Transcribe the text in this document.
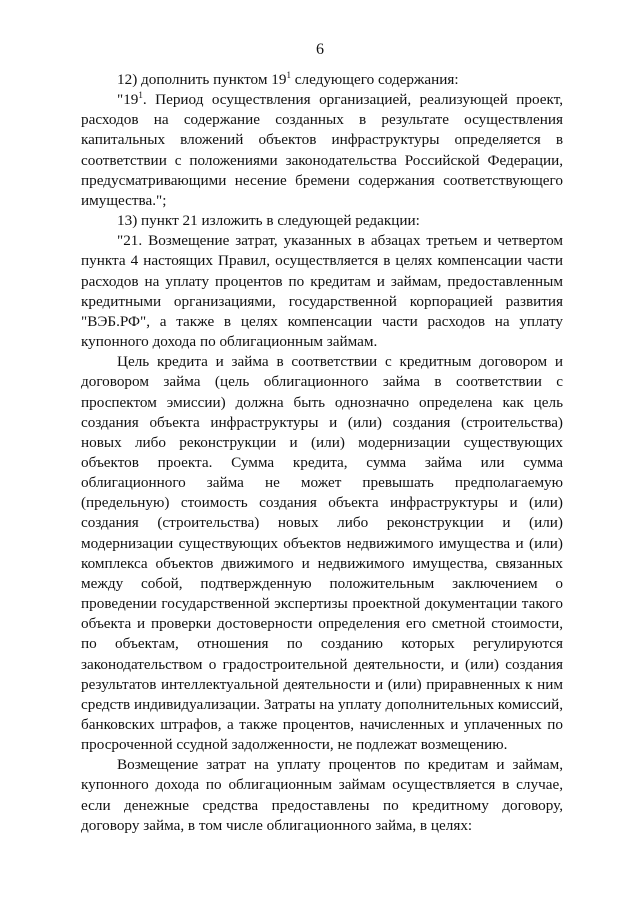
6

12) дополнить пунктом $19^1$ следующего содержания:

"$19^1$. Период осуществления организацией, реализующей проект, расходов на содержание созданных в результате осуществления капитальных вложений объектов инфраструктуры определяется в соответствии с положениями законодательства Российской Федерации, предусматривающими несение бремени содержания соответствующего имущества.";

13) пункт 21 изложить в следующей редакции:

"21. Возмещение затрат, указанных в абзацах третьем и четвертом пункта 4 настоящих Правил, осуществляется в целях компенсации части расходов на уплату процентов по кредитам и займам, предоставленным кредитными организациями, государственной корпорацией развития "ВЭБ.РФ", а также в целях компенсации части расходов на уплату купонного дохода по облигационным займам.

Цель кредита и займа в соответствии с кредитным договором и договором займа (цель облигационного займа в соответствии с проспектом эмиссии) должна быть однозначно определена как цель создания объекта инфраструктуры и (или) создания (строительства) новых либо реконструкции и (или) модернизации существующих объектов проекта. Сумма кредита, сумма займа или сумма облигационного займа не может превышать предполагаемую (предельную) стоимость создания объекта инфраструктуры и (или) создания (строительства) новых либо реконструкции и (или) модернизации существующих объектов недвижимого имущества и (или) комплекса объектов движимого и недвижимого имущества, связанных между собой, подтвержденную положительным заключением о проведении государственной экспертизы проектной документации такого объекта и проверки достоверности определения его сметной стоимости, по объектам, отношения по созданию которых регулируются законодательством о градостроительной деятельности, и (или) создания результатов интеллектуальной деятельности и (или) приравненных к ним средств индивидуализации. Затраты на уплату дополнительных комиссий, банковских штрафов, а также процентов, начисленных и уплаченных по просроченной ссудной задолженности, не подлежат возмещению.

Возмещение затрат на уплату процентов по кредитам и займам, купонного дохода по облигационным займам осуществляется в случае, если денежные средства предоставлены по кредитному договору, договору займа, в том числе облигационного займа, в целях:
